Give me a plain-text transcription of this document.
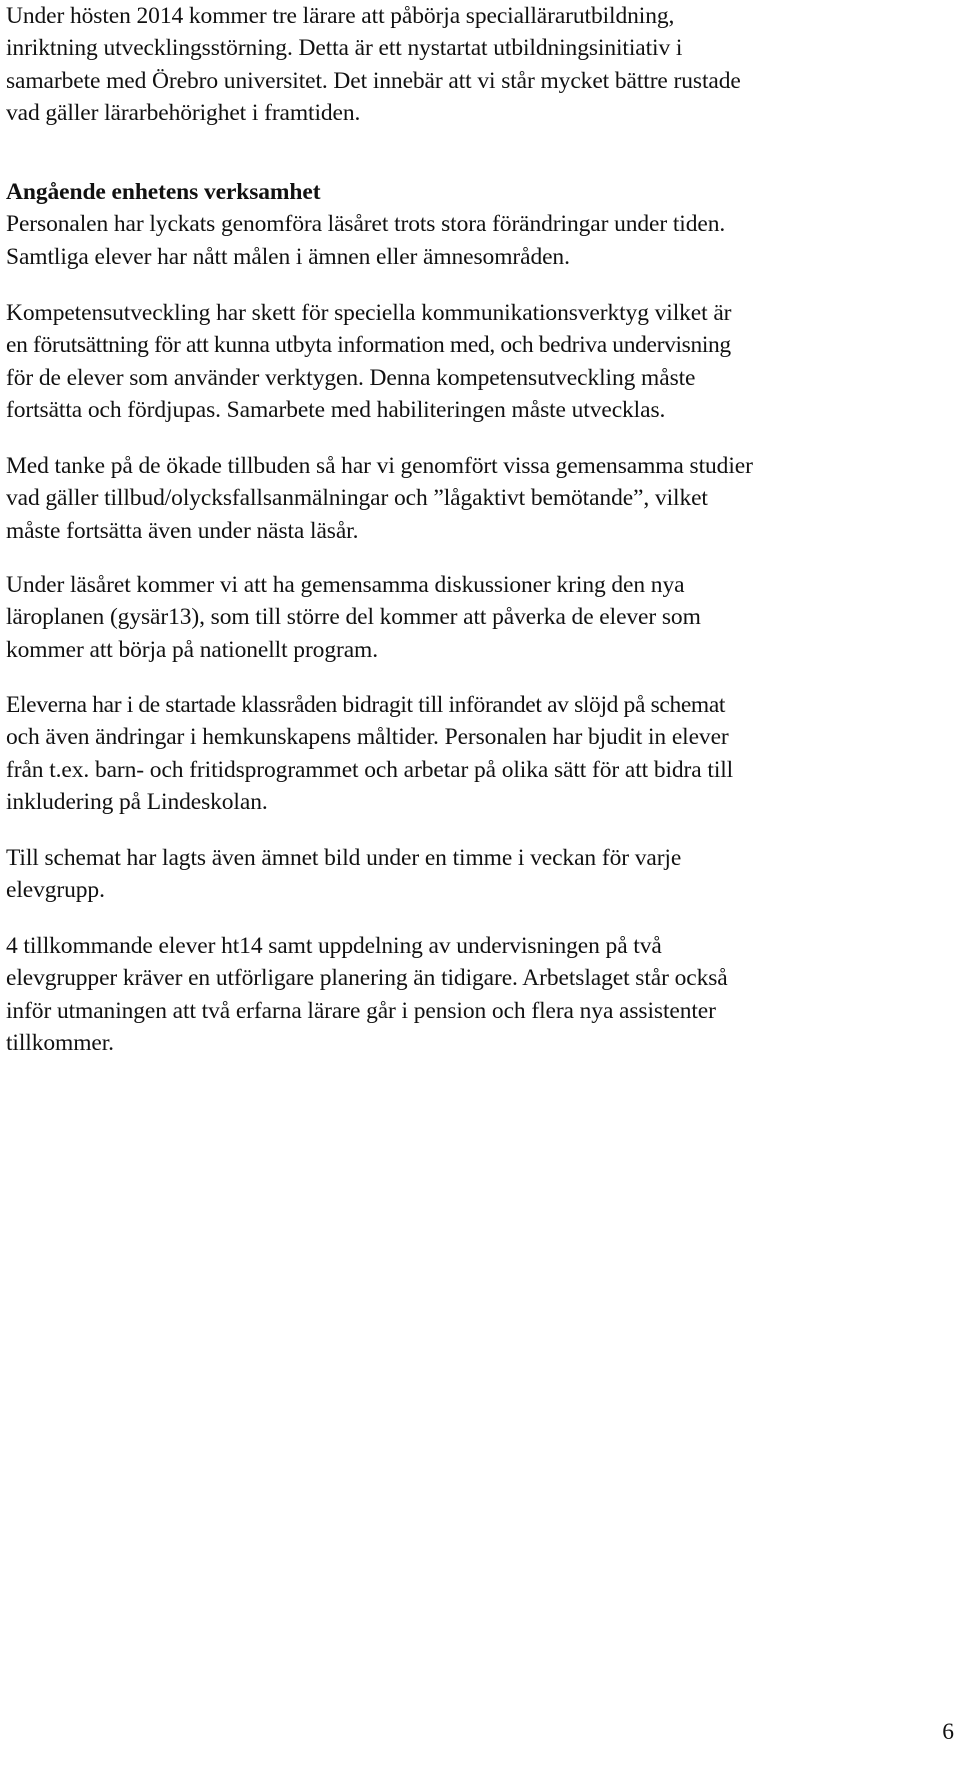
Under hösten 2014 kommer tre lärare att påbörja speciallärarutbildning,
inriktning utvecklingsstörning. Detta är ett nystartat utbildningsinitiativ i
samarbete med Örebro universitet. Det innebär att vi står mycket bättre rustade
vad gäller lärarbehörighet i framtiden.

Angående enhetens verksamhet
Personalen har lyckats genomföra läsåret trots stora förändringar under tiden.
Samtliga elever har nått målen i ämnen eller ämnesområden.

Kompetensutveckling har skett för speciella kommunikationsverktyg vilket är
en förutsättning för att kunna utbyta information med, och bedriva undervisning
för de elever som använder verktygen. Denna kompetensutveckling måste
fortsätta och fördjupas. Samarbete med habiliteringen måste utvecklas.

Med tanke på de ökade tillbuden så har vi genomfört vissa gemensamma studier
vad gäller tillbud/olycksfallsanmälningar och ”lågaktivt bemötande”, vilket
måste fortsätta även under nästa läsår.

Under läsåret kommer vi att ha gemensamma diskussioner kring den nya
läroplanen (gysär13), som till större del kommer att påverka de elever som
kommer att börja på nationellt program.

Eleverna har i de startade klassråden bidragit till införandet av slöjd på schemat
och även ändringar i hemkunskapens måltider. Personalen har bjudit in elever
från t.ex. barn- och fritidsprogrammet och arbetar på olika sätt för att bidra till
inkludering på Lindeskolan.

Till schemat har lagts även ämnet bild under en timme i veckan för varje
elevgrupp.

4 tillkommande elever ht14 samt uppdelning av undervisningen på två
elevgrupper kräver en utförligare planering än tidigare. Arbetslaget står också
inför utmaningen att två erfarna lärare går i pension och flera nya assistenter
tillkommer.

6
